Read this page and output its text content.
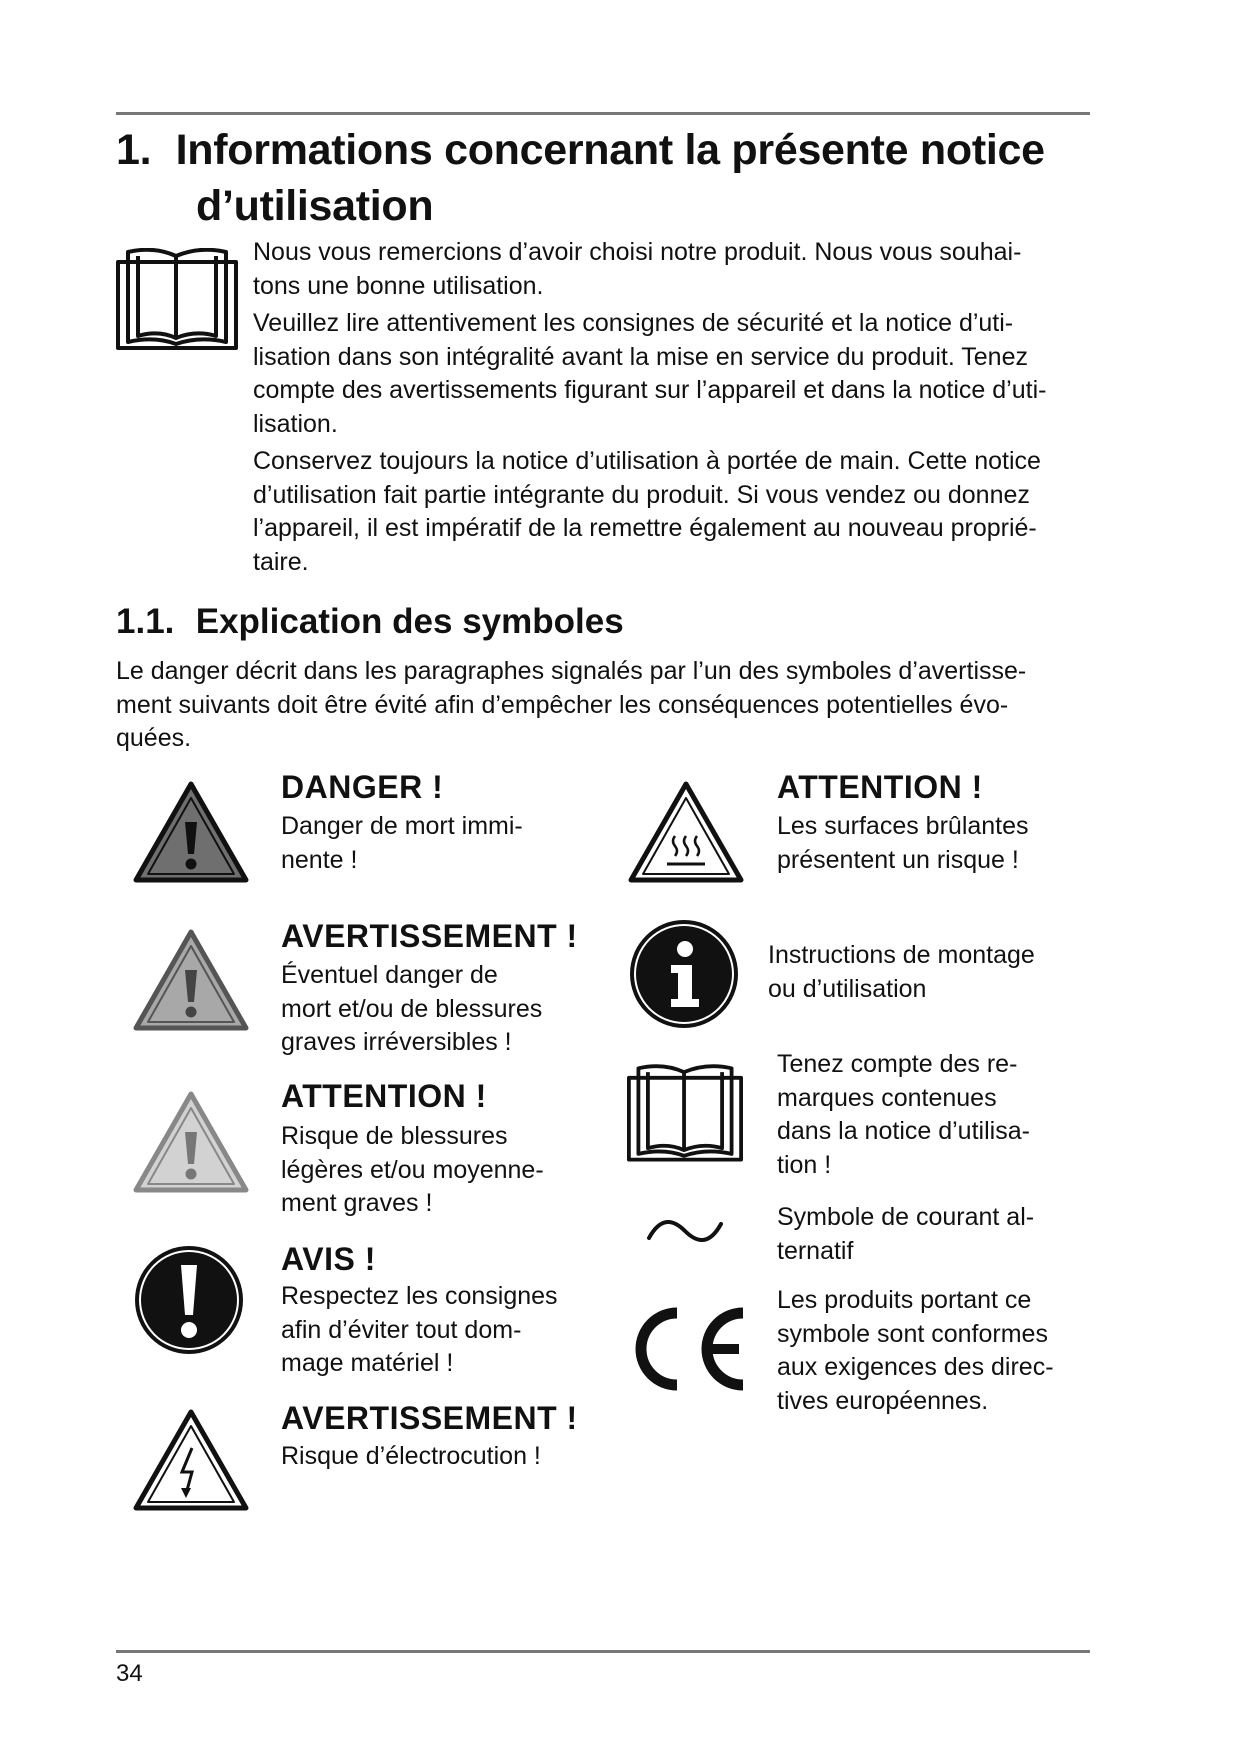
1. Informations concernant la présente notice
d’utilisation

Nous vous remercions d’avoir choisi notre produit. Nous vous souhai-
tons une bonne utilisation.

Veuillez lire attentivement les consignes de sécurité et la notice d’uti-
lisation dans son intégralité avant la mise en service du produit. Tenez
compte des avertissements figurant sur l’appareil et dans la notice d’uti-
lisation.

Conservez toujours la notice d’utilisation à portée de main. Cette notice
d’utilisation fait partie intégrante du produit. Si vous vendez ou donnez
l’appareil, il est impératif de la remettre également au nouveau proprié-
taire.

1.1. Explication des symboles

Le danger décrit dans les paragraphes signalés par l’un des symboles d’avertisse-
ment suivants doit être évité afin d’empêcher les conséquences potentielles évo-
quées.

DANGER !

Danger de mort immi-
nente !

AVERTISSEMENT !

Éventuel danger de
mort et/ou de blessures
graves irréversibles !

ATTENTION !

Risque de blessures
légères et/ou moyenne-
ment graves !

AVIS !

Respectez les consignes
afin d’éviter tout dom-
mage matériel !

AVERTISSEMENT !

Risque d’électrocution !

ATTENTION !

Les surfaces brûlantes
présentent un risque !

Instructions de montage
ou d’utilisation

Tenez compte des re-
marques contenues
dans la notice d’utilisa-
tion !

Symbole de courant al-
ternatif

Les produits portant ce
symbole sont conformes
aux exigences des direc-
tives européennes.

34
